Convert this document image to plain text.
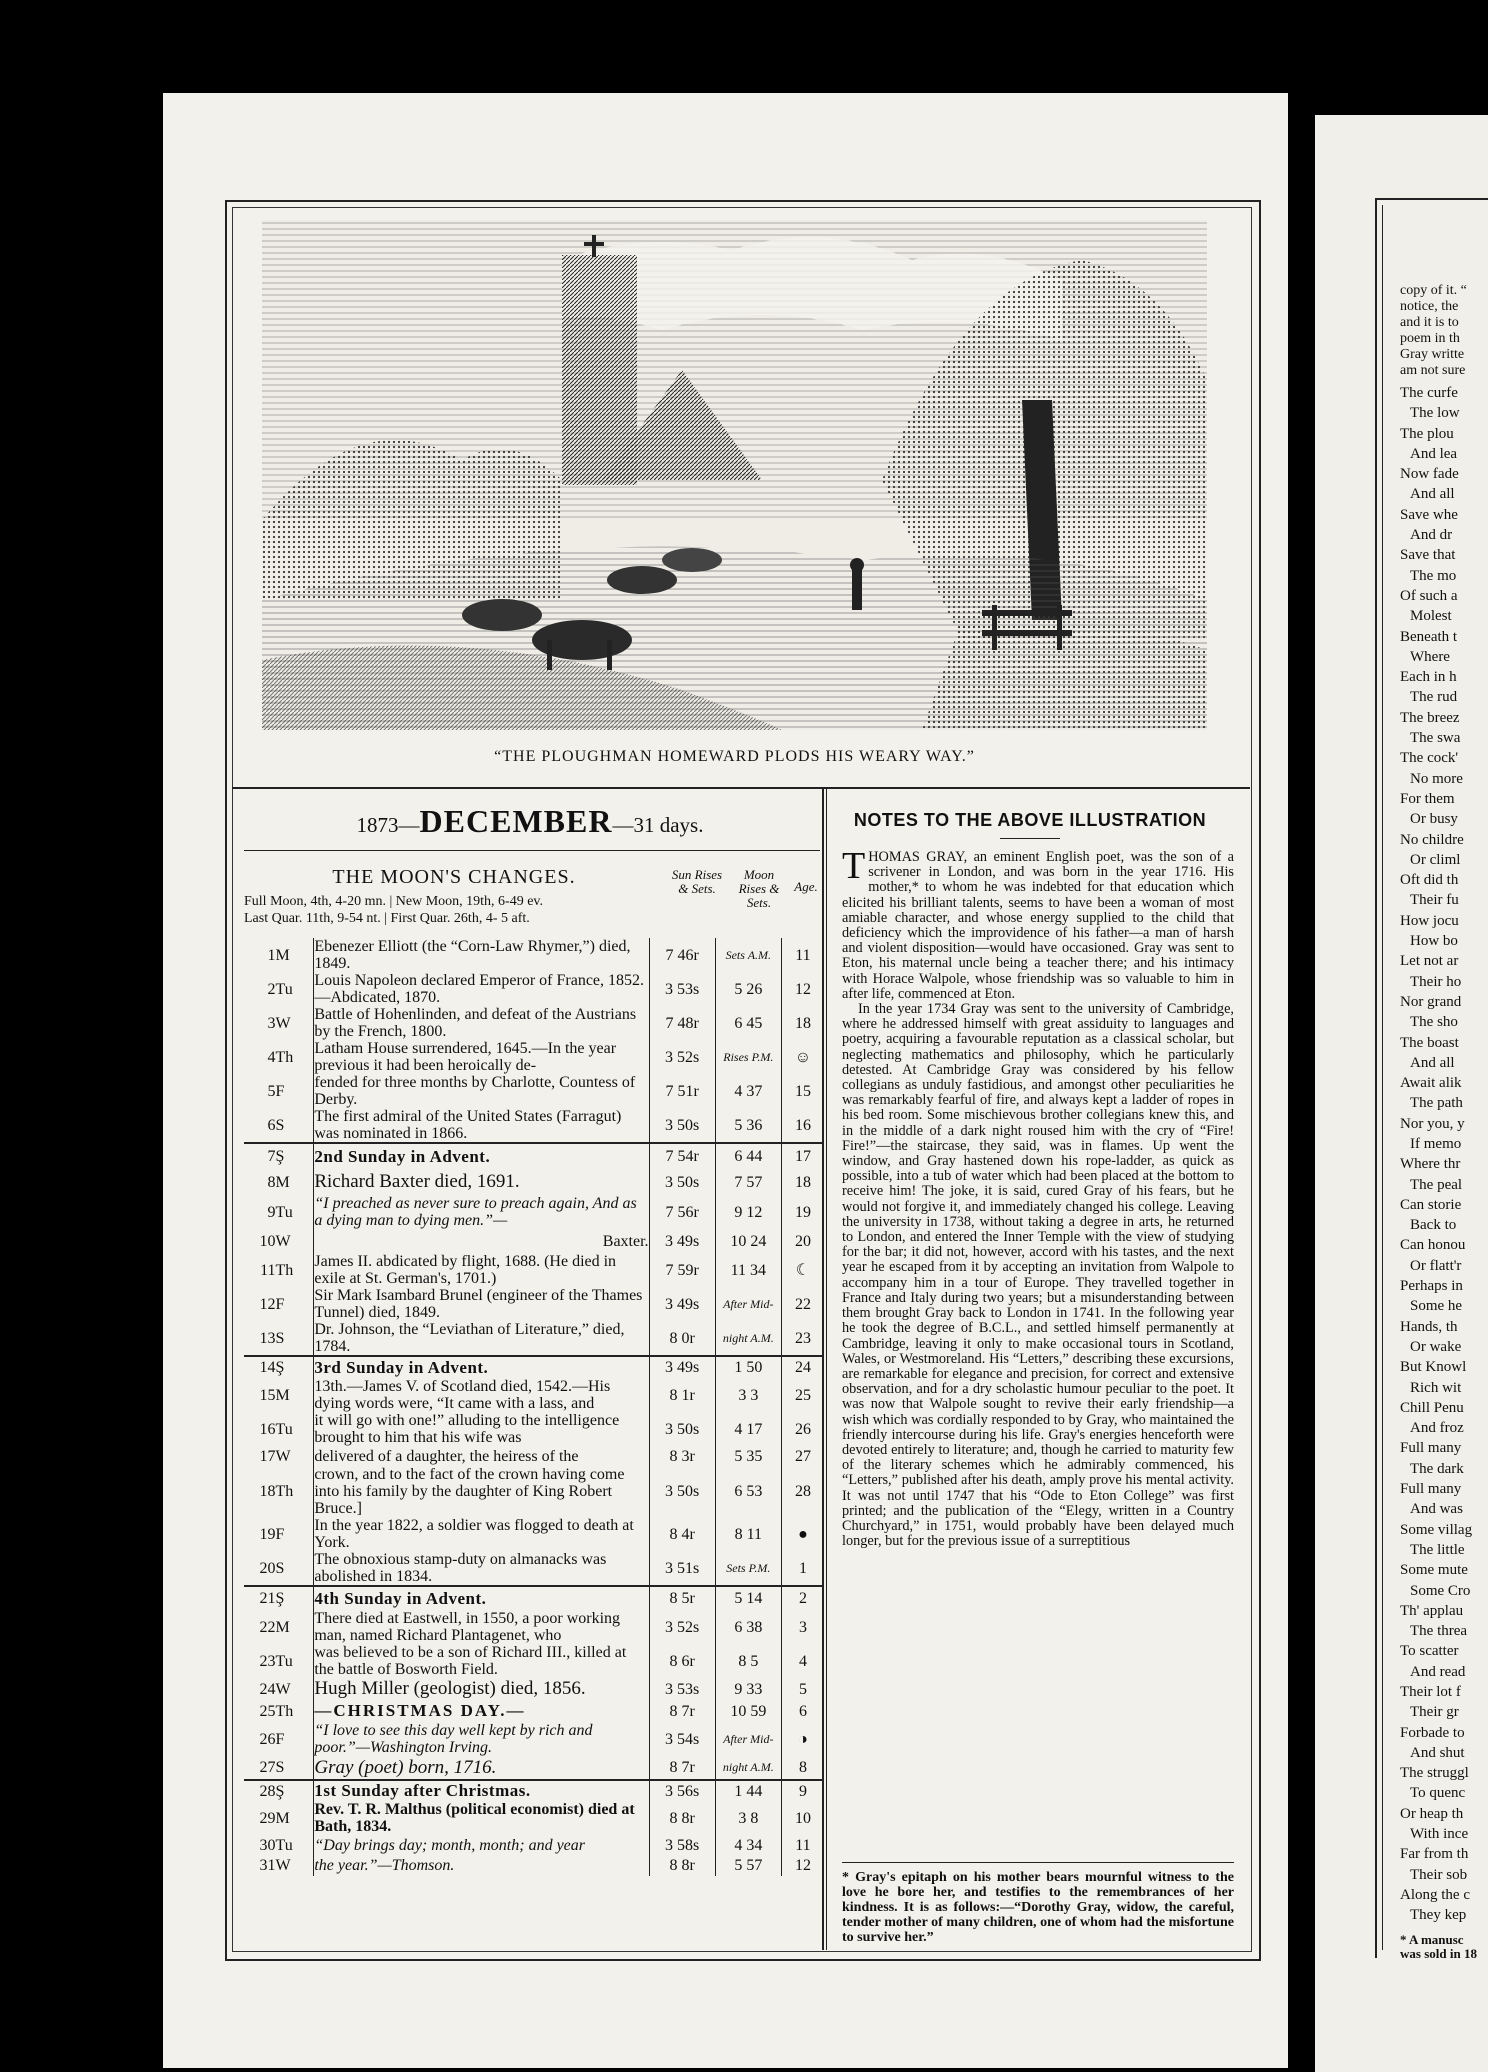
“THE PLOUGHMAN HOMEWARD PLODS HIS WEARY WAY.”
1873—DECEMBER—31 days.
THE MOON'S CHANGES.
Full Moon, 4th, 4-20 mn. | New Moon, 19th, 6-49 ev.
Last Quar. 11th, 9-54 nt. | First Quar. 26th, 4- 5 aft.
Sun Rises & Sets.
Moon Rises & Sets.
Age.
1	M	Ebenezer Elliott (the “Corn-Law Rhymer,”) died, 1849.	7 46r	Sets A.M.	11
2	Tu	Louis Napoleon declared Emperor of France, 1852.—Abdicated, 1870.	3 53s	5 26	12
3	W	Battle of Hohenlinden, and defeat of the Austrians by the French, 1800.	7 48r	6 45	18
4	Th	Latham House surrendered, 1645.—In the year previous it had been heroically de-	3 52s	Rises P.M.	☺
5	F	fended for three months by Charlotte, Countess of Derby.	7 51r	4 37	15
6	S	The first admiral of the United States (Farragut) was nominated in 1866.	3 50s	5 36	16
7	Ş	2nd Sunday in Advent.	7 54r	6 44	17
8	M	Richard Baxter died, 1691.	3 50s	7 57	18
9	Tu	“I preached as never sure to preach again, And as a dying man to dying men.”—	7 56r	9 12	19
10	W	Baxter.	3 49s	10 24	20
11	Th	James II. abdicated by flight, 1688. (He died in exile at St. German's, 1701.)	7 59r	11 34	☾
12	F	Sir Mark Isambard Brunel (engineer of the Thames Tunnel) died, 1849.	3 49s	After Mid-	22
13	S	Dr. Johnson, the “Leviathan of Literature,” died, 1784.	8 0r	night A.M.	23
14	Ş	3rd Sunday in Advent.	3 49s	1 50	24
15	M	13th.—James V. of Scotland died, 1542.—His dying words were, “It came with a lass, and	8 1r	3 3	25
16	Tu	it will go with one!” alluding to the intelligence brought to him that his wife was	3 50s	4 17	26
17	W	delivered of a daughter, the heiress of the	8 3r	5 35	27
18	Th	crown, and to the fact of the crown having come into his family by the daughter of King Robert Bruce.]	3 50s	6 53	28
19	F	In the year 1822, a soldier was flogged to death at York.	8 4r	8 11	●
20	S	The obnoxious stamp-duty on almanacks was abolished in 1834.	3 51s	Sets P.M.	1
21	Ş	4th Sunday in Advent.	8 5r	5 14	2
22	M	There died at Eastwell, in 1550, a poor working man, named Richard Plantagenet, who	3 52s	6 38	3
23	Tu	was believed to be a son of Richard III., killed at the battle of Bosworth Field.	8 6r	8 5	4
24	W	Hugh Miller (geologist) died, 1856.	3 53s	9 33	5
25	Th	—CHRISTMAS DAY.—	8 7r	10 59	6
26	F	“I love to see this day well kept by rich and poor.”—Washington Irving.	3 54s	After Mid-	◑
27	S	Gray (poet) born, 1716.	8 7r	night A.M.	8
28	Ş	1st Sunday after Christmas.	3 56s	1 44	9
29	M	Rev. T. R. Malthus (political economist) died at Bath, 1834.	8 8r	3 8	10
30	Tu	“Day brings day; month, month; and year	3 58s	4 34	11
31	W	the year.”—Thomson.	8 8r	5 57	12
NOTES TO THE ABOVE ILLUSTRATION

THOMAS GRAY, an eminent English poet, was the son of a scrivener in London, and was born in the year 1716. His mother,* to whom he was indebted for that education which elicited his brilliant talents, seems to have been a woman of most amiable character, and whose energy supplied to the child that deficiency which the improvidence of his father—a man of harsh and violent disposition—would have occasioned. Gray was sent to Eton, his maternal uncle being a teacher there; and his intimacy with Horace Walpole, whose friendship was so valuable to him in after life, commenced at Eton.

In the year 1734 Gray was sent to the university of Cambridge, where he addressed himself with great assiduity to languages and poetry, acquiring a favourable reputation as a classical scholar, but neglecting mathematics and philosophy, which he particularly detested. At Cambridge Gray was considered by his fellow collegians as unduly fastidious, and amongst other peculiarities he was remarkably fearful of fire, and always kept a ladder of ropes in his bed room. Some mischievous brother collegians knew this, and in the middle of a dark night roused him with the cry of “Fire! Fire!”—the staircase, they said, was in flames. Up went the window, and Gray hastened down his rope-ladder, as quick as possible, into a tub of water which had been placed at the bottom to receive him! The joke, it is said, cured Gray of his fears, but he would not forgive it, and immediately changed his college. Leaving the university in 1738, without taking a degree in arts, he returned to London, and entered the Inner Temple with the view of studying for the bar; it did not, however, accord with his tastes, and the next year he escaped from it by accepting an invitation from Walpole to accompany him in a tour of Europe. They travelled together in France and Italy during two years; but a misunderstanding between them brought Gray back to London in 1741. In the following year he took the degree of B.C.L., and settled himself permanently at Cambridge, leaving it only to make occasional tours in Scotland, Wales, or Westmoreland. His “Letters,” describing these excursions, are remarkable for elegance and precision, for correct and extensive observation, and for a dry scholastic humour peculiar to the poet. It was now that Walpole sought to revive their early friendship—a wish which was cordially responded to by Gray, who maintained the friendly intercourse during his life. Gray's energies henceforth were devoted entirely to literature; and, though he carried to maturity few of the literary schemes which he admirably commenced, his “Letters,” published after his death, amply prove his mental activity. It was not until 1747 that his “Ode to Eton College” was first printed; and the publication of the “Elegy, written in a Country Churchyard,” in 1751, would probably have been delayed much longer, but for the previous issue of a surreptitious

* Gray's epitaph on his mother bears mournful witness to the love he bore her, and testifies to the remembrances of her kindness. It is as follows:—“Dorothy Gray, widow, the careful, tender mother of many children, one of whom had the misfortune to survive her.”
copy of it. “
notice, the
and it is to
poem in th
Gray writte
am not sure
The curfe
The low
The plou
And lea
Now fade
And all
Save whe
And dr
Save that
The mo
Of such a
Molest
Beneath t
Where
Each in h
The rud
The breez
The swa
The cock'
No more
For them
Or busy
No childre
Or climl
Oft did th
Their fu
How jocu
How bo
Let not ar
Their ho
Nor grand
The sho
The boast
And all
Await alik
The path
Nor you, y
If memo
Where thr
The peal
Can storie
Back to
Can honou
Or flatt'r
Perhaps in
Some he
Hands, th
Or wake
But Knowl
Rich wit
Chill Penu
And froz
Full many
The dark
Full many
And was
Some villag
The little
Some mute
Some Cro
Th' applau
The threa
To scatter
And read
Their lot f
Their gr
Forbade to
And shut
The struggl
To quenc
Or heap th
With ince
Far from th
Their sob
Along the c
They kep
* A manusc
was sold in 18
